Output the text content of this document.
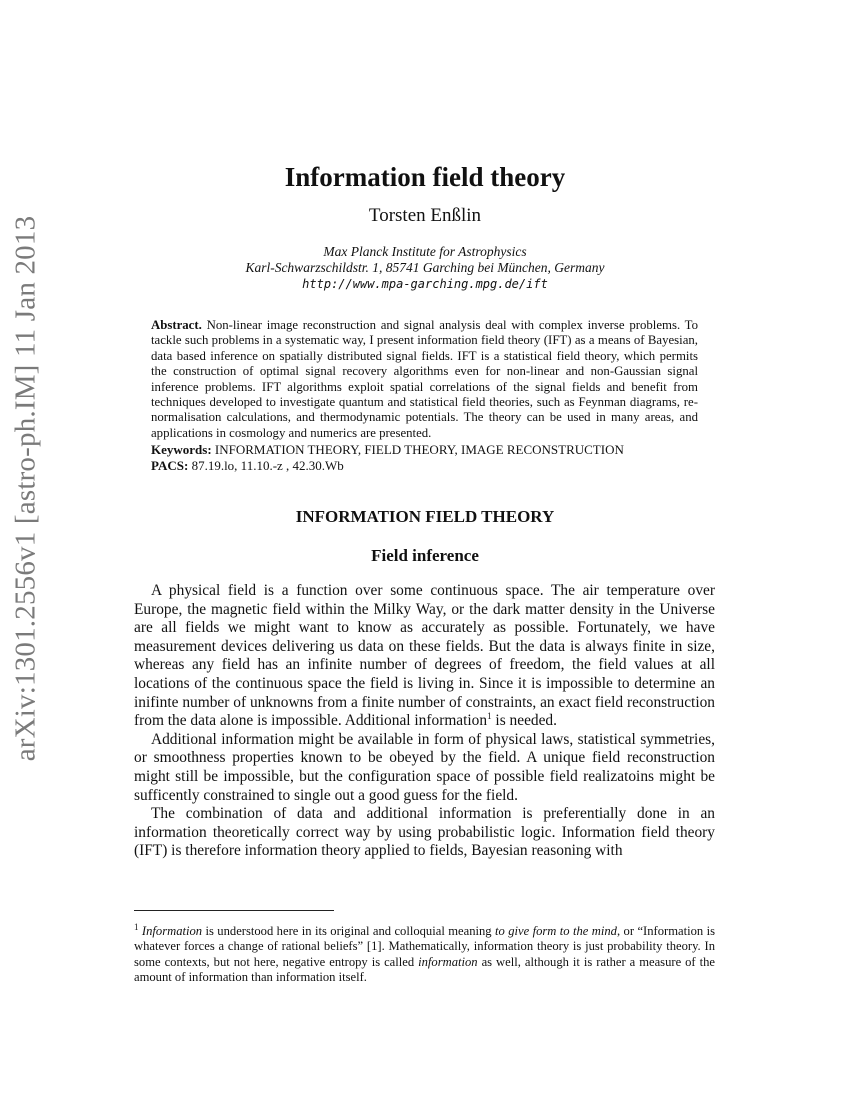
arXiv:1301.2556v1 [astro-ph.IM] 11 Jan 2013
Information field theory
Torsten Enßlin
Max Planck Institute for Astrophysics
Karl-Schwarzschildstr. 1, 85741 Garching bei München, Germany
http://www.mpa-garching.mpg.de/ift
Abstract. Non-linear image reconstruction and signal analysis deal with complex inverse problems. To tackle such problems in a systematic way, I present information field theory (IFT) as a means of Bayesian, data based inference on spatially distributed signal fields. IFT is a statistical field theory, which permits the construction of optimal signal recovery algorithms even for non-linear and non-Gaussian signal inference problems. IFT algorithms exploit spatial correlations of the signal fields and benefit from techniques developed to investigate quantum and statistical field theories, such as Feynman diagrams, re-normalisation calculations, and thermodynamic potentials. The theory can be used in many areas, and applications in cosmology and numerics are presented.
Keywords: INFORMATION THEORY, FIELD THEORY, IMAGE RECONSTRUCTION
PACS: 87.19.lo, 11.10.-z , 42.30.Wb
INFORMATION FIELD THEORY
Field inference

A physical field is a function over some continuous space. The air temperature over Europe, the magnetic field within the Milky Way, or the dark matter density in the Universe are all fields we might want to know as accurately as possible. Fortunately, we have measurement devices delivering us data on these fields. But the data is always finite in size, whereas any field has an infinite number of degrees of freedom, the field values at all locations of the continuous space the field is living in. Since it is impossible to determine an inifinte number of unknowns from a finite number of constraints, an exact field reconstruction from the data alone is impossible. Additional information$^1$ is needed.

Additional information might be available in form of physical laws, statistical symmetries, or smoothness properties known to be obeyed by the field. A unique field reconstruction might still be impossible, but the configuration space of possible field realizatoins might be sufficently constrained to single out a good guess for the field.

The combination of data and additional information is preferentially done in an information theoretically correct way by using probabilistic logic. Information field theory (IFT) is therefore information theory applied to fields, Bayesian reasoning with

$^1$ Information is understood here in its original and colloquial meaning to give form to the mind, or “Information is whatever forces a change of rational beliefs” [1]. Mathematically, information theory is just probability theory. In some contexts, but not here, negative entropy is called information as well, although it is rather a measure of the amount of information than information itself.
